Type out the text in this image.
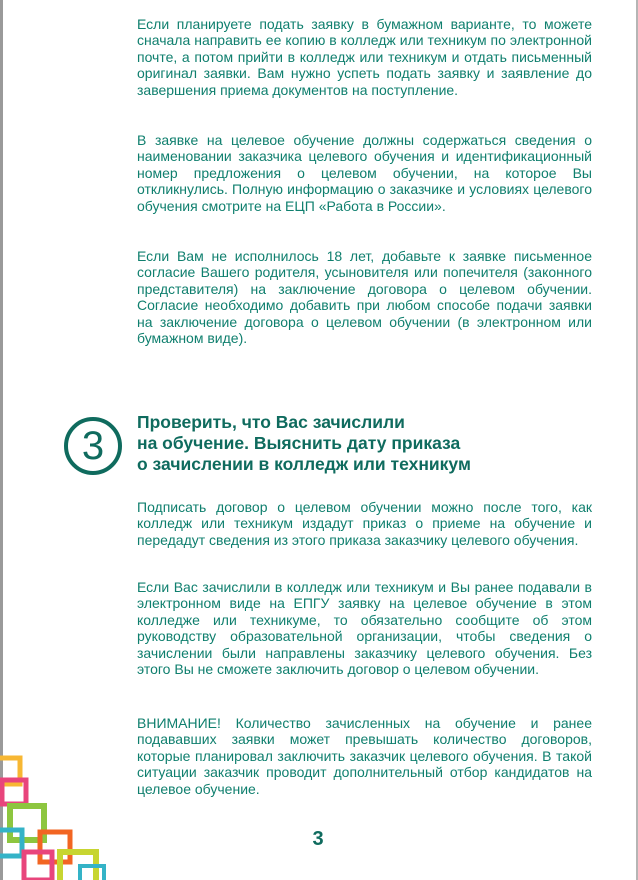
Если планируете подать заявку в бумажном варианте, то можете сначала направить ее копию в колледж или техникум по электронной почте, а потом прийти в колледж или техникум и отдать письменный оригинал заявки. Вам нужно успеть подать заявку и заявление до завершения приема документов на поступление.

В заявке на целевое обучение должны содержаться сведения о наименовании заказчика целевого обучения и идентификационный номер предложения о целевом обучении, на которое Вы откликнулись. Полную информацию о заказчике и условиях целевого обучения смотрите на ЕЦП «Работа в России».

Если Вам не исполнилось 18 лет, добавьте к заявке письменное согласие Вашего родителя, усыновителя или попечителя (законного представителя) на заключение договора о целевом обучении. Согласие необходимо добавить при любом способе подачи заявки на заключение договора о целевом обучении (в электронном или бумажном виде).

3
Проверить, что Вас зачислили
на обучение. Выяснить дату приказа
о зачислении в колледж или техникум

Подписать договор о целевом обучении можно после того, как колледж или техникум издадут приказ о приеме на обучение и передадут сведения из этого приказа заказчику целевого обучения.

Если Вас зачислили в колледж или техникум и Вы ранее подавали в электронном виде на ЕПГУ заявку на целевое обучение в этом колледже или техникуме, то обязательно сообщите об этом руководству образовательной организации, чтобы сведения о зачислении были направлены заказчику целевого обучения. Без этого Вы не сможете заключить договор о целевом обучении.

ВНИМАНИЕ! Количество зачисленных на обучение и ранее подававших заявки может превышать количество договоров, которые планировал заключить заказчик целевого обучения. В такой ситуации заказчик проводит дополнительный отбор кандидатов на целевое обучение.

3
